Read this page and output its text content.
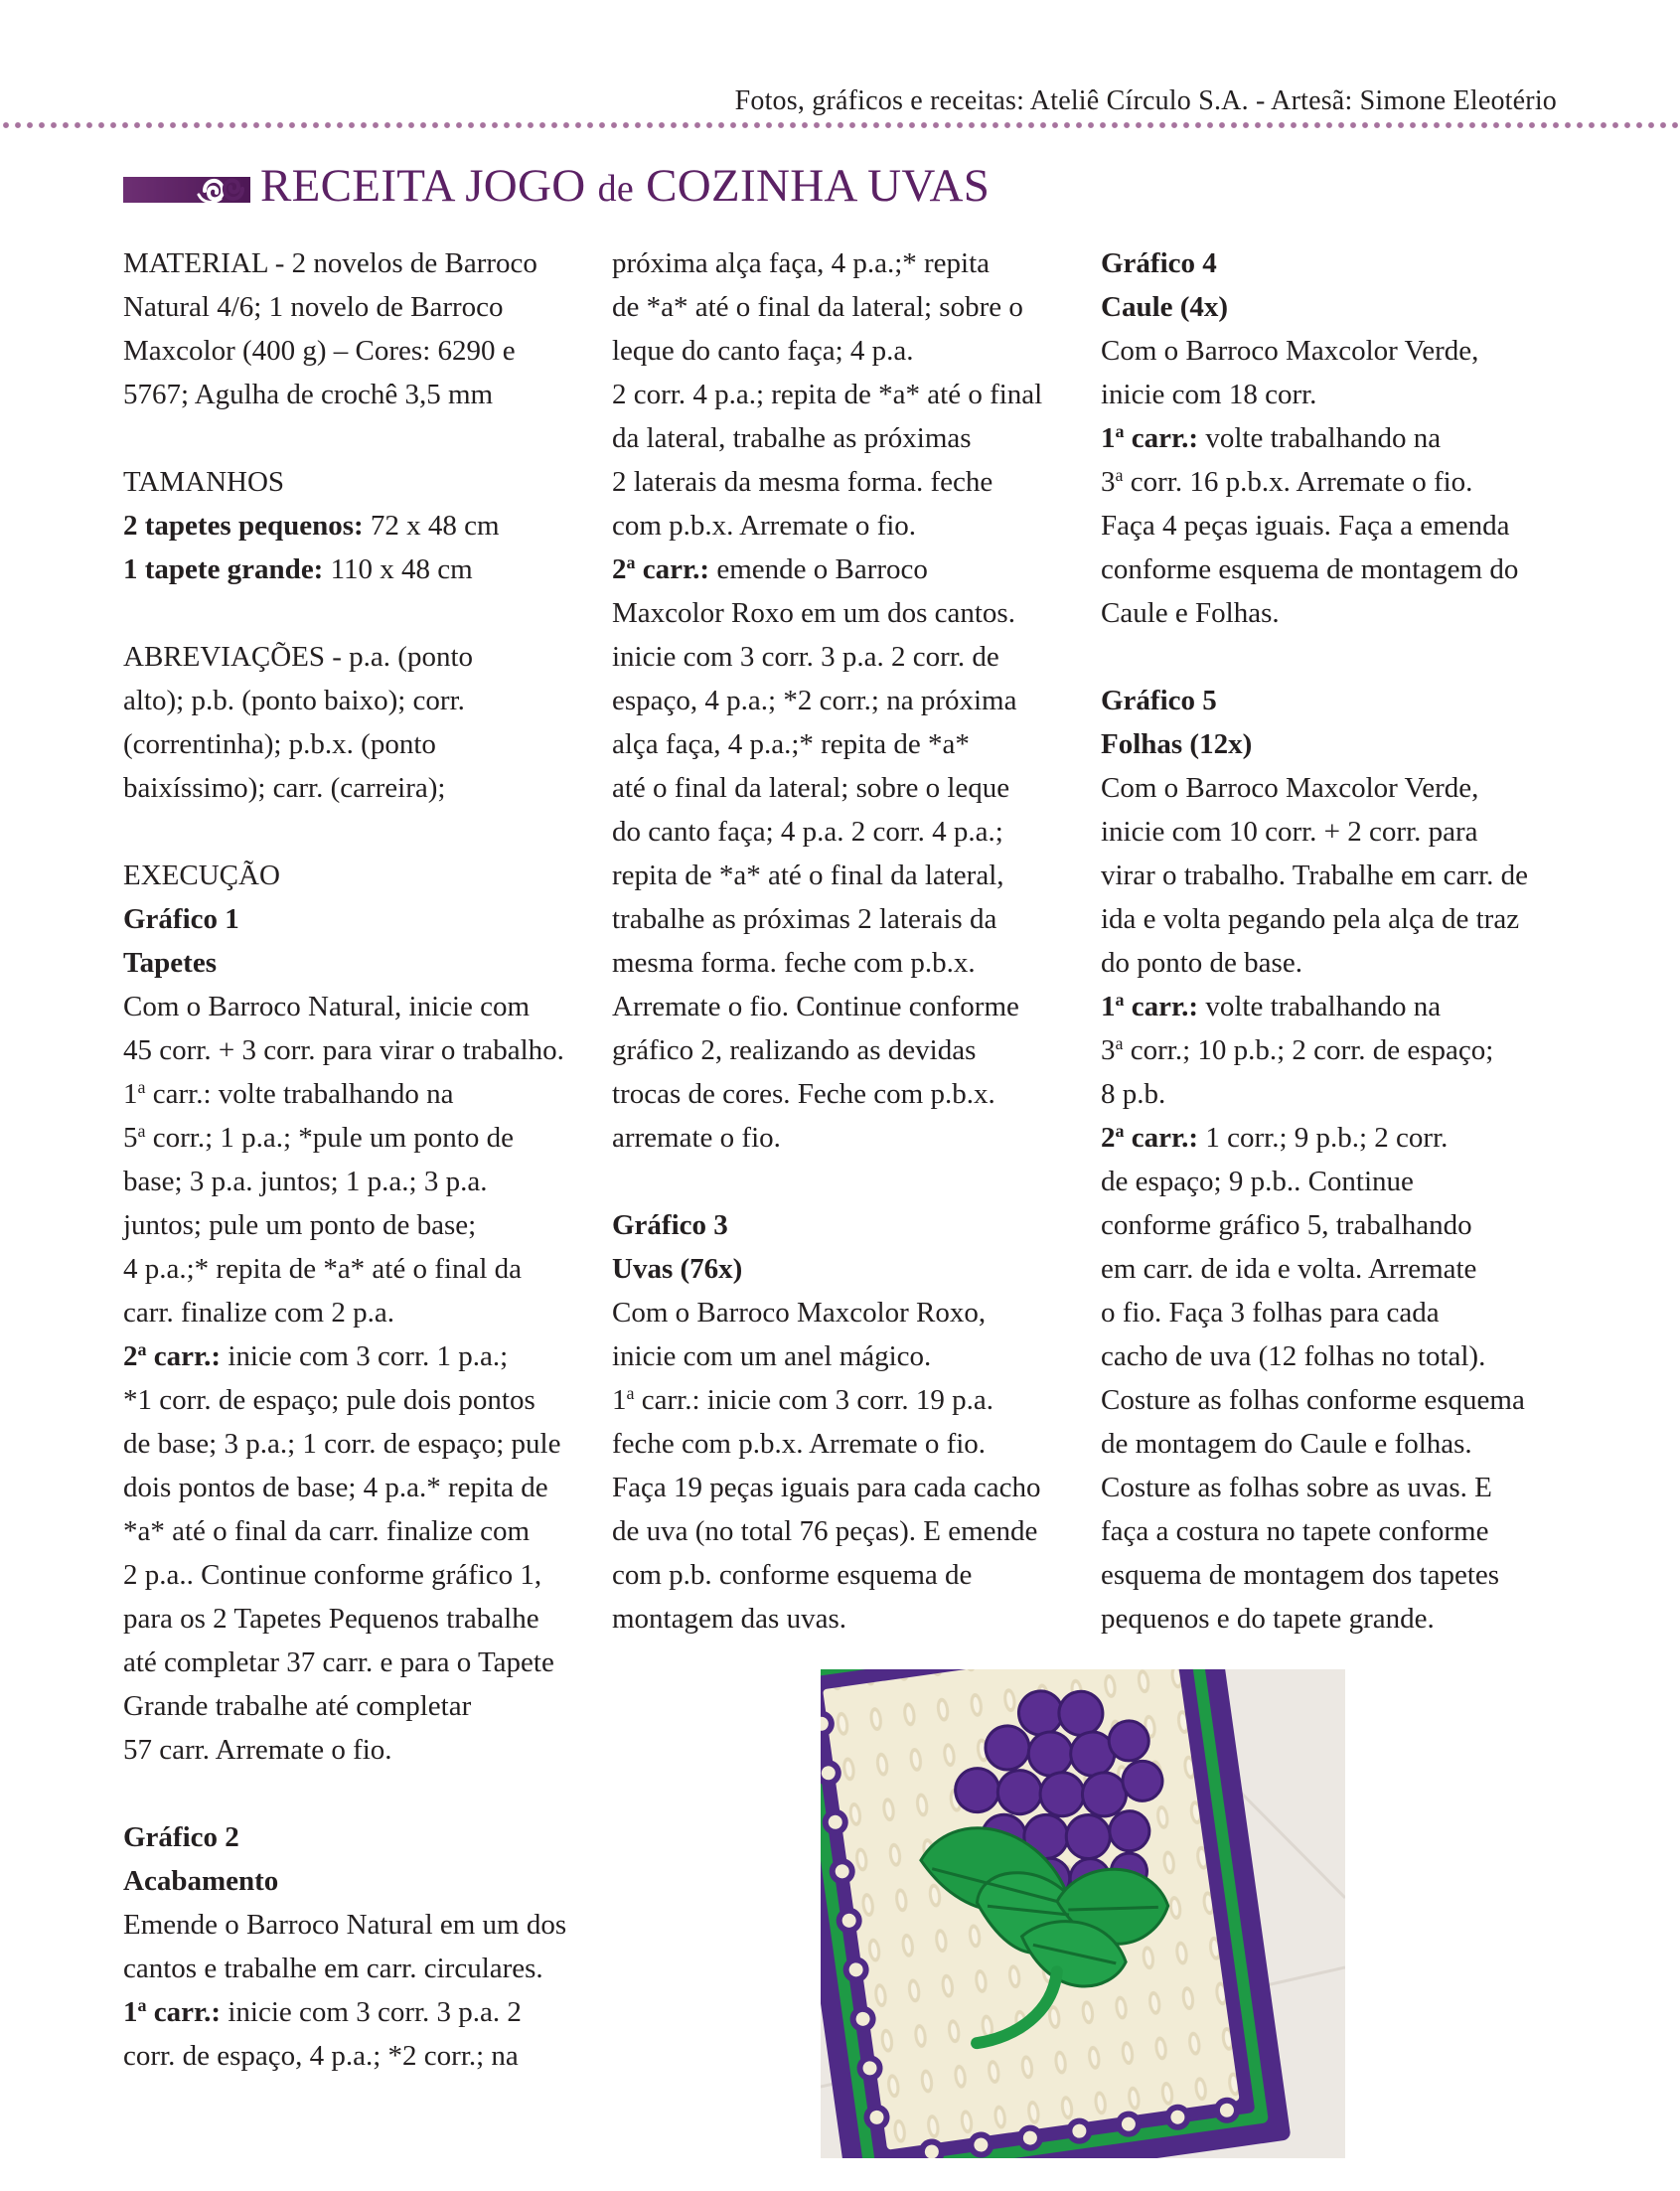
Fotos, gráficos e receitas: Ateliê Círculo S.A. - Artesã: Simone Eleotério
RECEITA JOGO de COZINHA UVAS
MATERIAL - 2 novelos de Barroco
Natural 4/6; 1 novelo de Barroco
Maxcolor (400 g) – Cores: 6290 e
5767; Agulha de crochê 3,5 mm
TAMANHOS
2 tapetes pequenos: 72 x 48 cm
1 tapete grande: 110 x 48 cm
ABREVIAÇÕES - p.a. (ponto
alto); p.b. (ponto baixo); corr.
(correntinha); p.b.x. (ponto
baixíssimo); carr. (carreira);
EXECUÇÃO
Gráfico 1
Tapetes
Com o Barroco Natural, inicie com
45 corr. + 3 corr. para virar o trabalho.
1$^a$ carr.: volte trabalhando na
5$^a$ corr.; 1 p.a.; *pule um ponto de
base; 3 p.a. juntos; 1 p.a.; 3 p.a.
juntos; pule um ponto de base;
4 p.a.;* repita de *a* até o final da
carr. finalize com 2 p.a.
2$^a$ carr.: inicie com 3 corr. 1 p.a.;
*1 corr. de espaço; pule dois pontos
de base; 3 p.a.; 1 corr. de espaço; pule
dois pontos de base; 4 p.a.* repita de
*a* até o final da carr. finalize com
2 p.a.. Continue conforme gráfico 1,
para os 2 Tapetes Pequenos trabalhe
até completar 37 carr. e para o Tapete
Grande trabalhe até completar
57 carr. Arremate o fio.
Gráfico 2
Acabamento
Emende o Barroco Natural em um dos
cantos e trabalhe em carr. circulares.
1$^a$ carr.: inicie com 3 corr. 3 p.a. 2
corr. de espaço, 4 p.a.; *2 corr.; na
próxima alça faça, 4 p.a.;* repita
de *a* até o final da lateral; sobre o
leque do canto faça; 4 p.a.
2 corr. 4 p.a.; repita de *a* até o final
da lateral, trabalhe as próximas
2 laterais da mesma forma. feche
com p.b.x. Arremate o fio.
2$^a$ carr.: emende o Barroco
Maxcolor Roxo em um dos cantos.
inicie com 3 corr. 3 p.a. 2 corr. de
espaço, 4 p.a.; *2 corr.; na próxima
alça faça, 4 p.a.;* repita de *a*
até o final da lateral; sobre o leque
do canto faça; 4 p.a. 2 corr. 4 p.a.;
repita de *a* até o final da lateral,
trabalhe as próximas 2 laterais da
mesma forma. feche com p.b.x.
Arremate o fio. Continue conforme
gráfico 2, realizando as devidas
trocas de cores. Feche com p.b.x.
arremate o fio.
Gráfico 3
Uvas (76x)
Com o Barroco Maxcolor Roxo,
inicie com um anel mágico.
1$^a$ carr.: inicie com 3 corr. 19 p.a.
feche com p.b.x. Arremate o fio.
Faça 19 peças iguais para cada cacho
de uva (no total 76 peças). E emende
com p.b. conforme esquema de
montagem das uvas.
Gráfico 4
Caule (4x)
Com o Barroco Maxcolor Verde,
inicie com 18 corr.
1$^a$ carr.: volte trabalhando na
3$^a$ corr. 16 p.b.x. Arremate o fio.
Faça 4 peças iguais. Faça a emenda
conforme esquema de montagem do
Caule e Folhas.
Gráfico 5
Folhas (12x)
Com o Barroco Maxcolor Verde,
inicie com 10 corr. + 2 corr. para
virar o trabalho. Trabalhe em carr. de
ida e volta pegando pela alça de traz
do ponto de base.
1$^a$ carr.: volte trabalhando na
3$^a$ corr.; 10 p.b.; 2 corr. de espaço;
8 p.b.
2$^a$ carr.: 1 corr.; 9 p.b.; 2 corr.
de espaço; 9 p.b.. Continue
conforme gráfico 5, trabalhando
em carr. de ida e volta. Arremate
o fio. Faça 3 folhas para cada
cacho de uva (12 folhas no total).
Costure as folhas conforme esquema
de montagem do Caule e folhas.
Costure as folhas sobre as uvas. E
faça a costura no tapete conforme
esquema de montagem dos tapetes
pequenos e do tapete grande.
